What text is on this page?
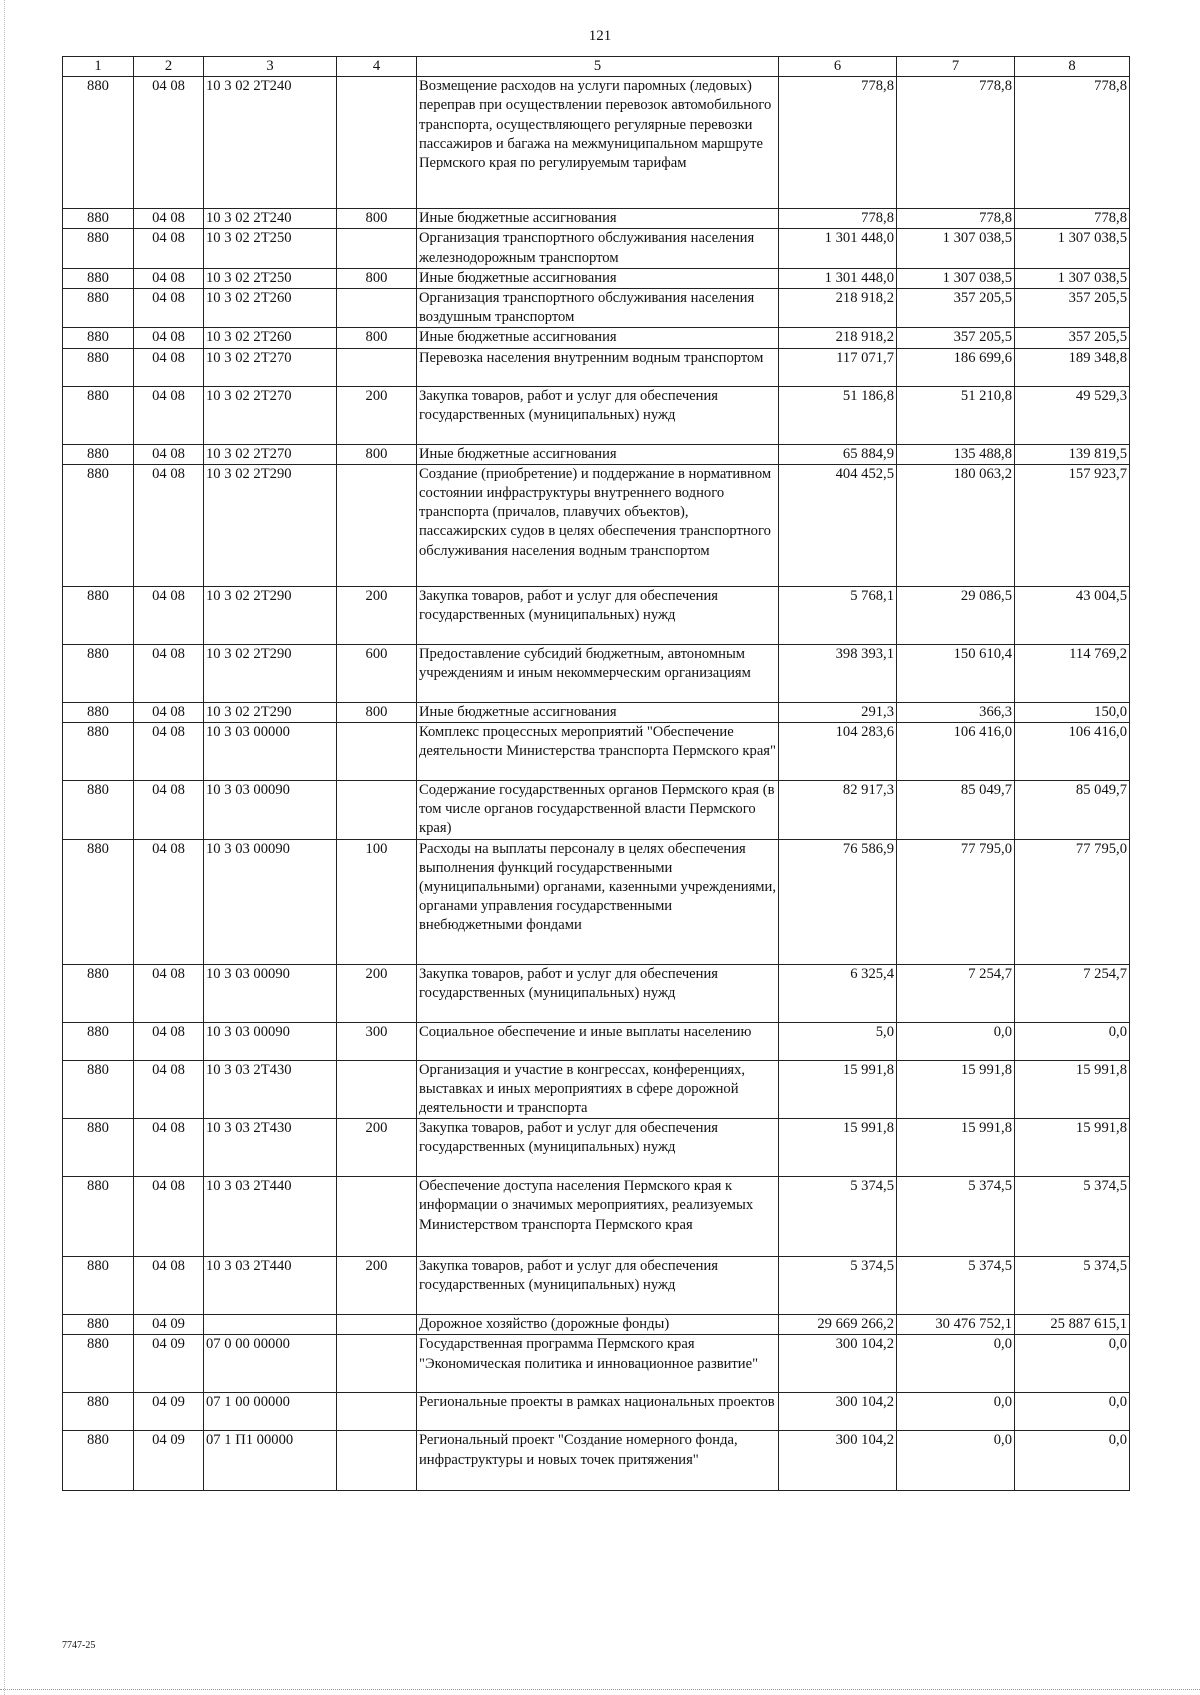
121
1	2	3	4	5	6	7	8
880	04 08	10 3 02 2Т240		Возмещение расходов на услуги паромных (ледовых) переправ при осуществлении перевозок автомобильного транспорта, осуществляющего регулярные перевозки пассажиров и багажа на межмуниципальном маршруте Пермского края по регулируемым тарифам	778,8	778,8	778,8
880	04 08	10 3 02 2Т240	800	Иные бюджетные ассигнования	778,8	778,8	778,8
880	04 08	10 3 02 2Т250		Организация транспортного обслуживания населения железнодорожным транспортом	1 301 448,0	1 307 038,5	1 307 038,5
880	04 08	10 3 02 2Т250	800	Иные бюджетные ассигнования	1 301 448,0	1 307 038,5	1 307 038,5
880	04 08	10 3 02 2Т260		Организация транспортного обслуживания населения воздушным транспортом	218 918,2	357 205,5	357 205,5
880	04 08	10 3 02 2Т260	800	Иные бюджетные ассигнования	218 918,2	357 205,5	357 205,5
880	04 08	10 3 02 2Т270		Перевозка населения внутренним водным транспортом	117 071,7	186 699,6	189 348,8
880	04 08	10 3 02 2Т270	200	Закупка товаров, работ и услуг для обеспечения государственных (муниципальных) нужд	51 186,8	51 210,8	49 529,3
880	04 08	10 3 02 2Т270	800	Иные бюджетные ассигнования	65 884,9	135 488,8	139 819,5
880	04 08	10 3 02 2Т290		Создание (приобретение) и поддержание в нормативном состоянии инфраструктуры внутреннего водного транспорта (причалов, плавучих объектов), пассажирских судов в целях обеспечения транспортного обслуживания населения водным транспортом	404 452,5	180 063,2	157 923,7
880	04 08	10 3 02 2Т290	200	Закупка товаров, работ и услуг для обеспечения государственных (муниципальных) нужд	5 768,1	29 086,5	43 004,5
880	04 08	10 3 02 2Т290	600	Предоставление субсидий бюджетным, автономным учреждениям и иным некоммерческим организациям	398 393,1	150 610,4	114 769,2
880	04 08	10 3 02 2Т290	800	Иные бюджетные ассигнования	291,3	366,3	150,0
880	04 08	10 3 03 00000		Комплекс процессных мероприятий "Обеспечение деятельности Министерства транспорта Пермского края"	104 283,6	106 416,0	106 416,0
880	04 08	10 3 03 00090		Содержание государственных органов Пермского края (в том числе органов государственной власти Пермского края)	82 917,3	85 049,7	85 049,7
880	04 08	10 3 03 00090	100	Расходы на выплаты персоналу в целях обеспечения выполнения функций государственными (муниципальными) органами, казенными учреждениями, органами управления государственными внебюджетными фондами	76 586,9	77 795,0	77 795,0
880	04 08	10 3 03 00090	200	Закупка товаров, работ и услуг для обеспечения государственных (муниципальных) нужд	6 325,4	7 254,7	7 254,7
880	04 08	10 3 03 00090	300	Социальное обеспечение и иные выплаты населению	5,0	0,0	0,0
880	04 08	10 3 03 2Т430		Организация и участие в конгрессах, конференциях, выставках и иных мероприятиях в сфере дорожной деятельности и транспорта	15 991,8	15 991,8	15 991,8
880	04 08	10 3 03 2Т430	200	Закупка товаров, работ и услуг для обеспечения государственных (муниципальных) нужд	15 991,8	15 991,8	15 991,8
880	04 08	10 3 03 2Т440		Обеспечение доступа населения Пермского края к информации о значимых мероприятиях, реализуемых Министерством транспорта Пермского края	5 374,5	5 374,5	5 374,5
880	04 08	10 3 03 2Т440	200	Закупка товаров, работ и услуг для обеспечения государственных (муниципальных) нужд	5 374,5	5 374,5	5 374,5
880	04 09			Дорожное хозяйство (дорожные фонды)	29 669 266,2	30 476 752,1	25 887 615,1
880	04 09	07 0 00 00000		Государственная программа Пермского края "Экономическая политика и инновационное развитие"	300 104,2	0,0	0,0
880	04 09	07 1 00 00000		Региональные проекты в рамках национальных проектов	300 104,2	0,0	0,0
880	04 09	07 1 П1 00000		Региональный проект "Создание номерного фонда, инфраструктуры и новых точек притяжения"	300 104,2	0,0	0,0
7747-25
